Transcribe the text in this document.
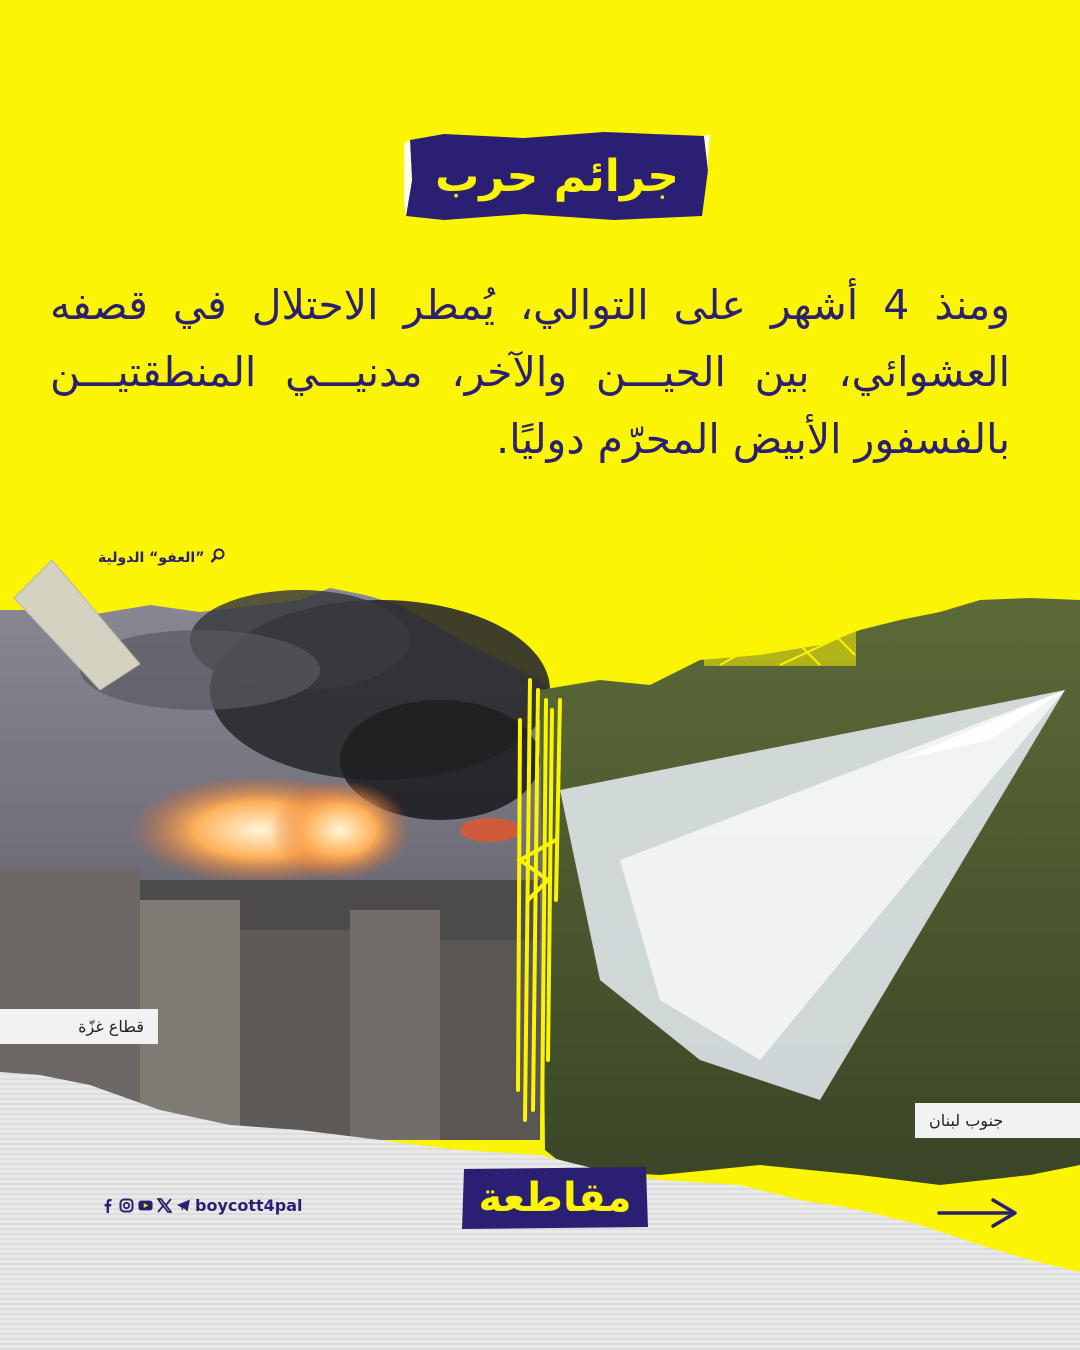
جرائم حرب
ومنذ 4 أشهر على التوالي، يُمطر الاحتلال في قصفه العشوائي، بين الحيـــن والآخر، مدنيـــي المنطقتيـــن بالفسفور الأبيض المحرّم دوليًا.
”العفو“ الدولية
قطاع غزّة
جنوب لبنان
مقاطعة
boycott4pal
